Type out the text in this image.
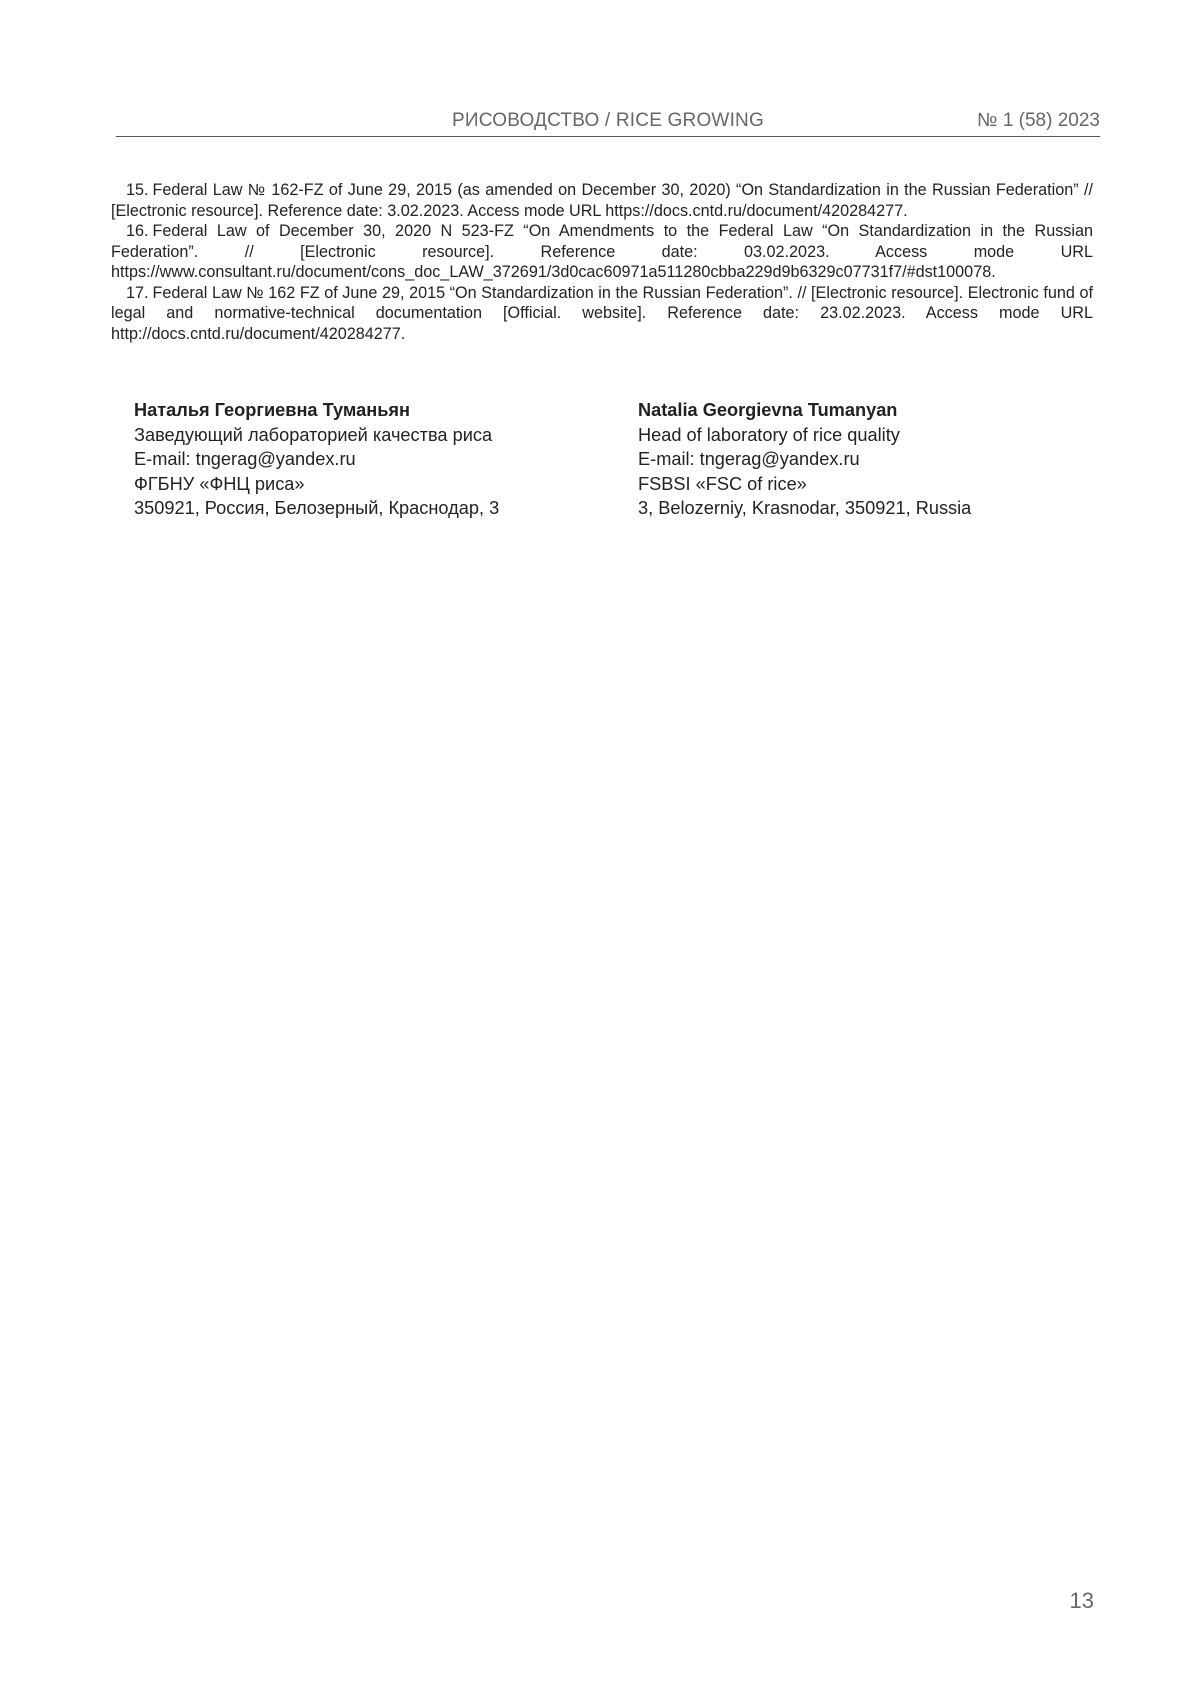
РИСОВОДСТВО / RICE GROWING	№ 1 (58) 2023

15. Federal Law № 162-FZ of June 29, 2015 (as amended on December 30, 2020) “On Standardization in the Russian Federation” // [Electronic resource]. Reference date: 3.02.2023. Access mode URL https://docs.cntd.ru/document/420284277.

16. Federal Law of December 30, 2020 N 523-FZ “On Amendments to the Federal Law “On Standardization in the Russian Federation”. // [Electronic resource]. Reference date: 03.02.2023. Access mode URL https://www.consultant.ru/document/cons_doc_LAW_372691/3d0cac60971a511280cbba229d9b6329c07731f7/#dst100078.

17. Federal Law № 162 FZ of June 29, 2015 “On Standardization in the Russian Federation”. // [Electronic resource]. Electronic fund of legal and normative-technical documentation [Official. website]. Reference date: 23.02.2023. Access mode URL http://docs.cntd.ru/document/420284277.

Наталья Георгиевна Туманьян
Заведующий лабораторией качества риса
E-mail: tngerag@yandex.ru
ФГБНУ «ФНЦ риса»
350921, Россия, Белозерный, Краснодар, 3
Natalia Georgievna Tumanyan
Head of laboratory of rice quality
E-mail: tngerag@yandex.ru
FSBSI «FSC of rice»
3, Belozerniy, Krasnodar, 350921, Russia
13
